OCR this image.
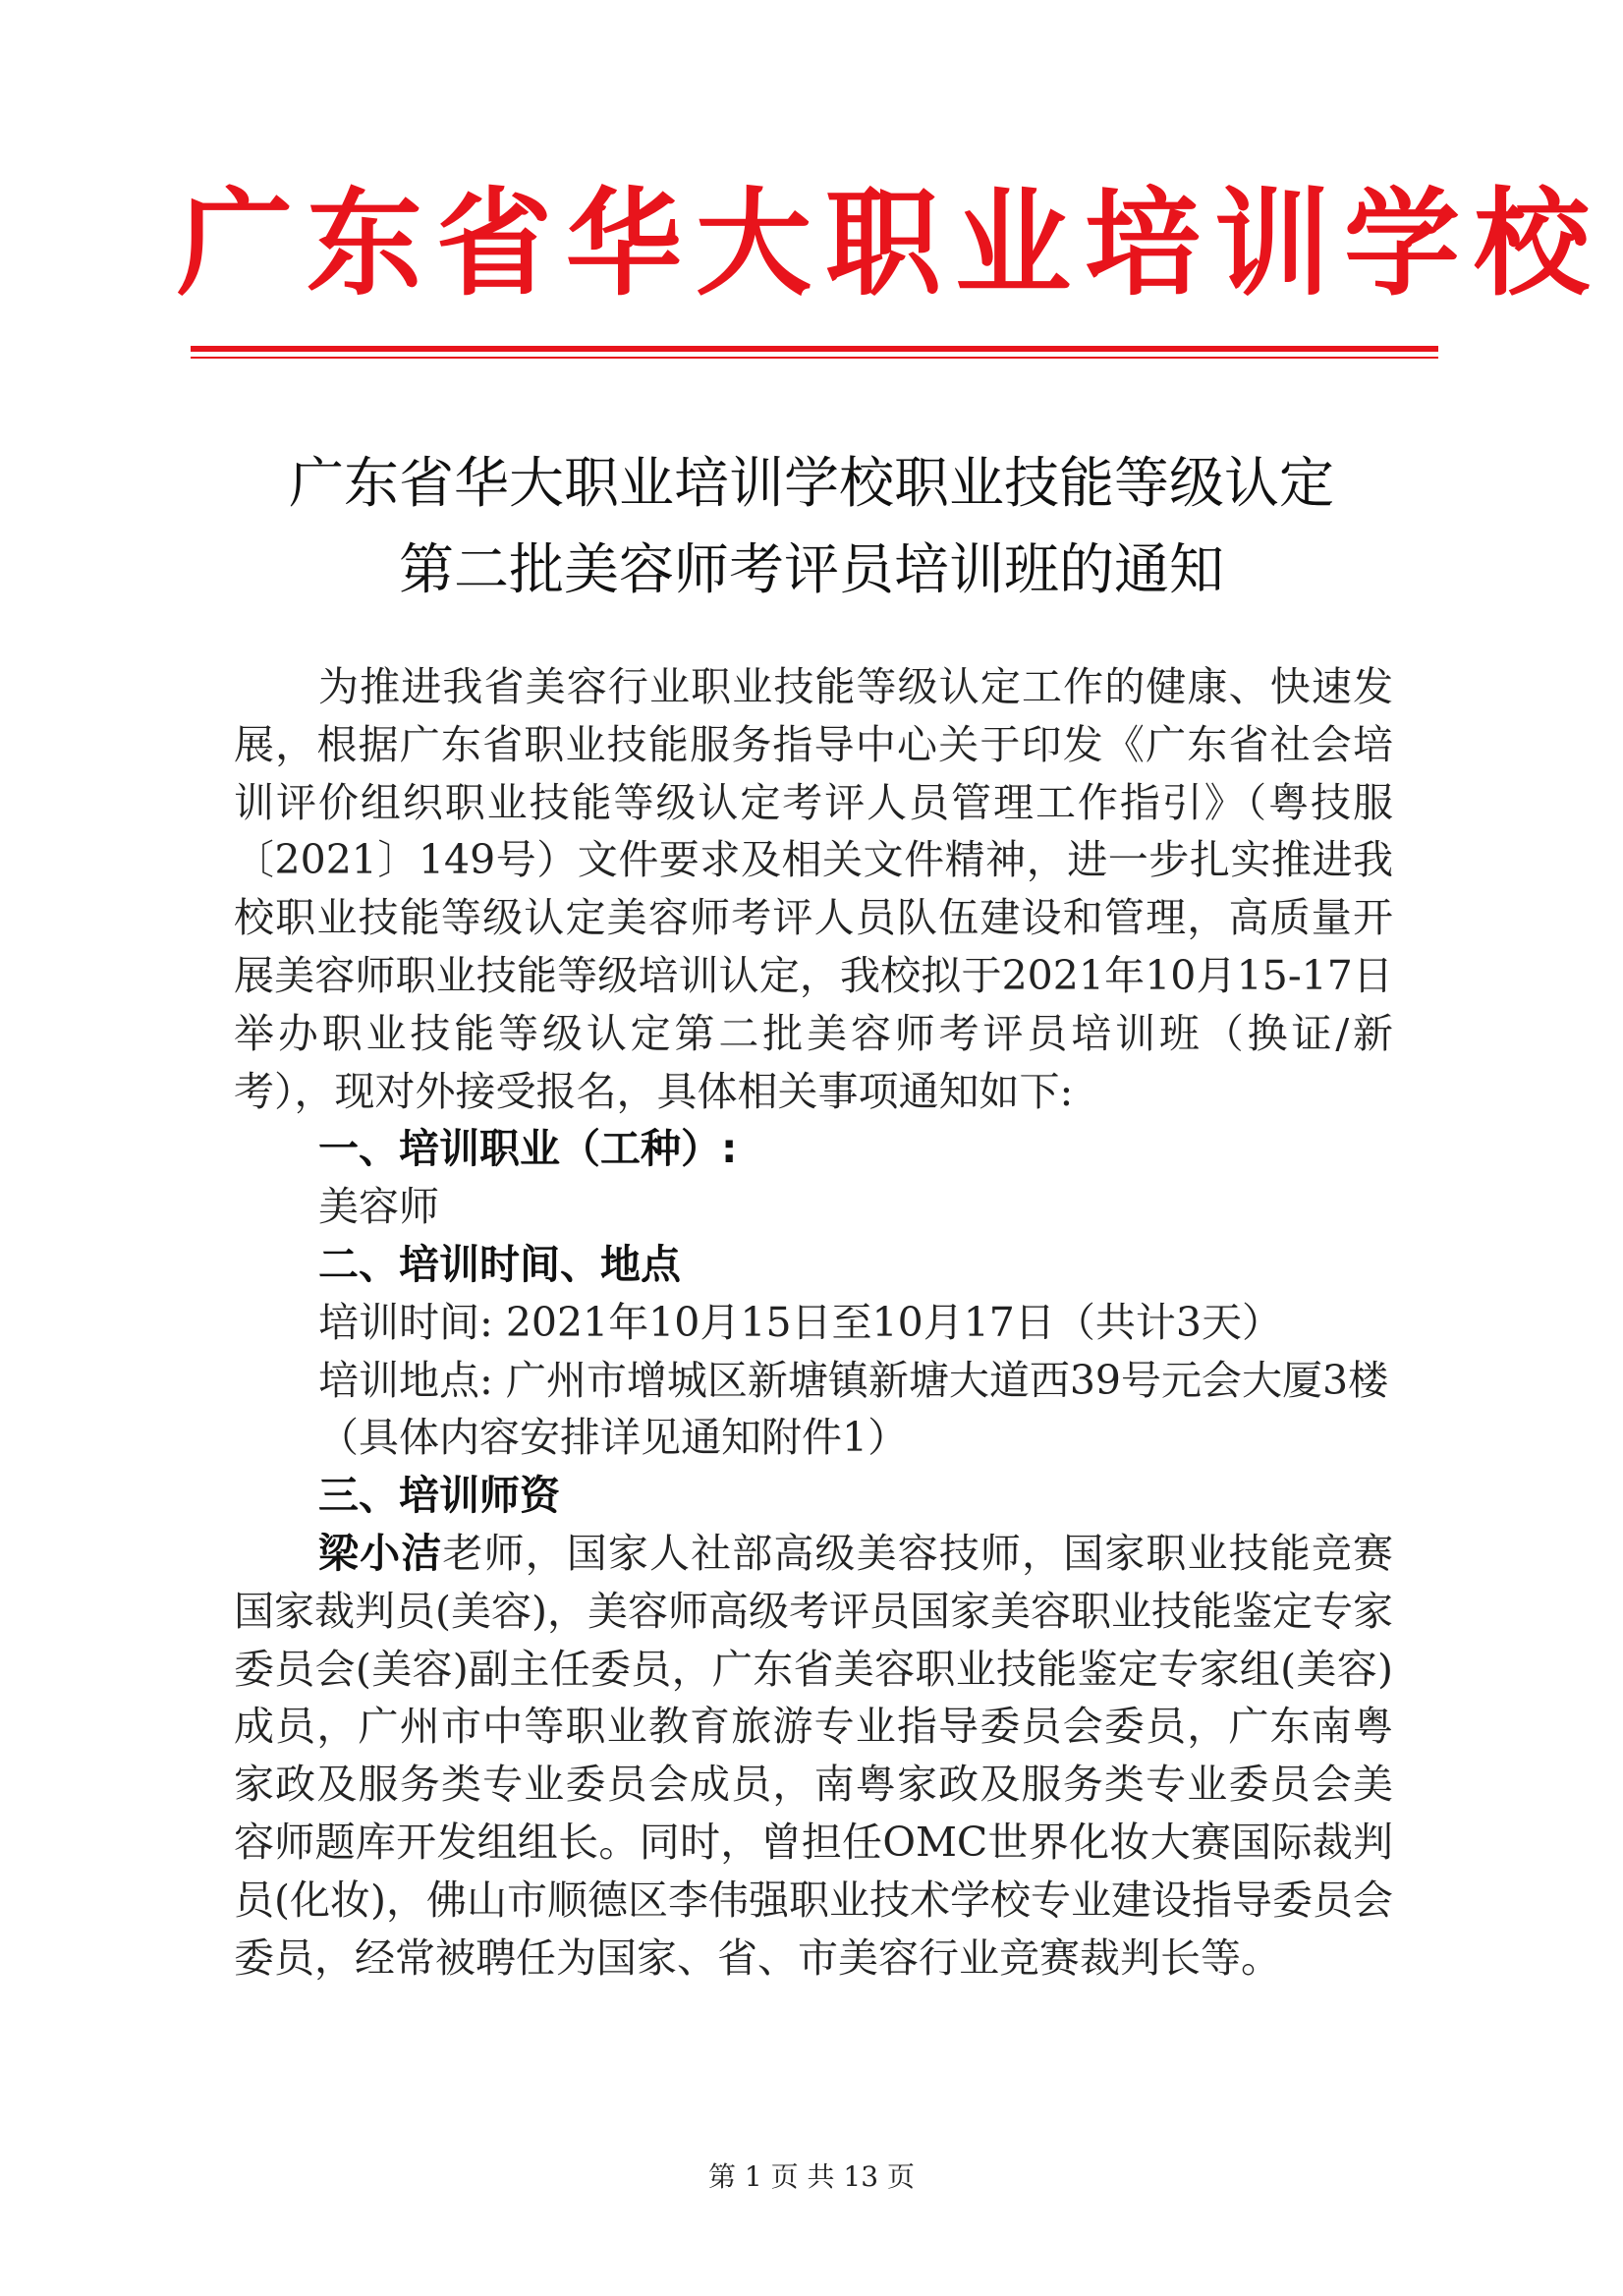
广东省华大职业培训学校
广东省华大职业培训学校职业技能等级认定
第二批美容师考评员培训班的通知

为推进我省美容行业职业技能等级认定工作的健康、快速发展，根据广东省职业技能服务指导中心关于印发《广东省社会培训评价组织职业技能等级认定考评人员管理工作指引》（粤技服〔2021〕149号）文件要求及相关文件精神，进一步扎实推进我校职业技能等级认定美容师考评人员队伍建设和管理，高质量开展美容师职业技能等级培训认定，我校拟于2021年10月15-17日举办职业技能等级认定第二批美容师考评员培训班（换证/新考），现对外接受报名，具体相关事项通知如下:

一、培训职业（工种）:

美容师

二、培训时间、地点

培训时间: 2021年10月15日至10月17日（共计3天）

培训地点: 广州市增城区新塘镇新塘大道西39号元会大厦3楼

（具体内容安排详见通知附件1）

三、培训师资

梁小洁老师，国家人社部高级美容技师，国家职业技能竞赛国家裁判员(美容)，美容师高级考评员国家美容职业技能鉴定专家委员会(美容)副主任委员，广东省美容职业技能鉴定专家组(美容)成员，广州市中等职业教育旅游专业指导委员会委员，广东南粤家政及服务类专业委员会成员，南粤家政及服务类专业委员会美容师题库开发组组长。同时，曾担任OMC世界化妆大赛国际裁判员(化妆)，佛山市顺德区李伟强职业技术学校专业建设指导委员会委员，经常被聘任为国家、省、市美容行业竞赛裁判长等。

第 1 页 共 13 页
